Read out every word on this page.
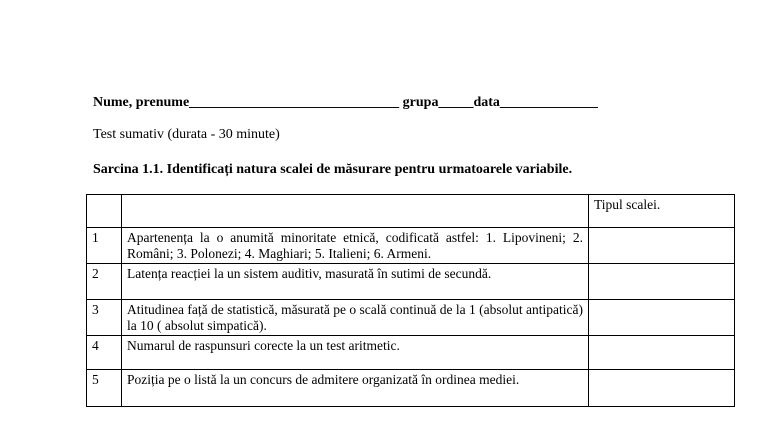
Nume, prenume______________________________ grupa_____data______________
Test sumativ (durata - 30 minute)
Sarcina 1.1. Identificați natura scalei de măsurare pentru urmatoarele variabile.
		Tipul scalei.
1	Apartenența la o anumită minoritate etnică, codificată astfel: 1. Lipovineni; 2. Români; 3. Polonezi; 4. Maghiari; 5. Italieni; 6. Armeni.	
2	Latența reacției la un sistem auditiv, masurată în sutimi de secundă.	
3	Atitudinea față de statistică, măsurată pe o scală continuă de la 1 (absolut antipatică) la 10 ( absolut simpatică).	
4	Numarul de raspunsuri corecte la un test aritmetic.	
5	Poziția pe o listă la un concurs de admitere organizată în ordinea mediei.	
